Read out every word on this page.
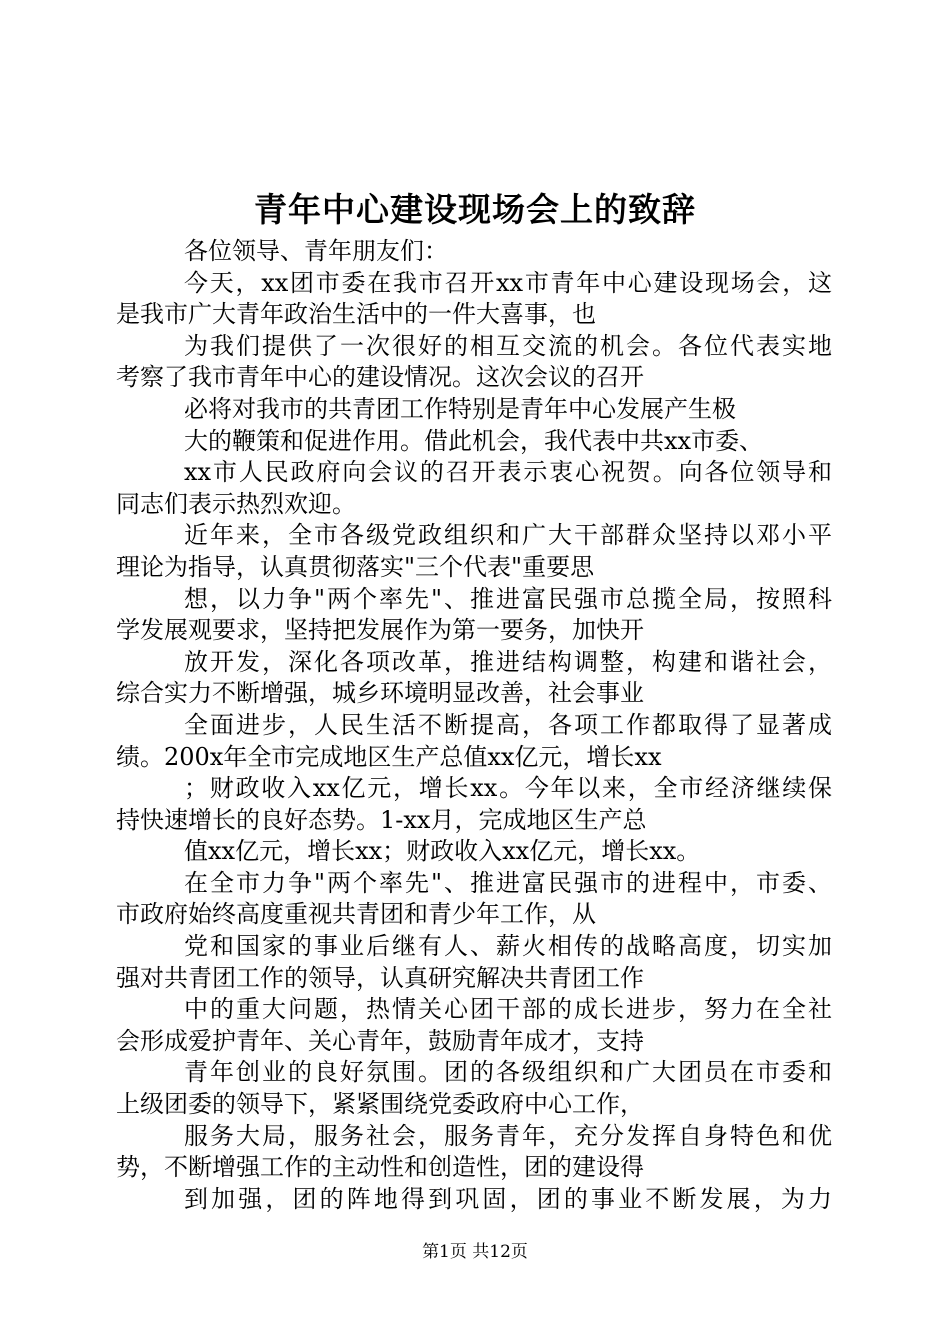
青年中心建设现场会上的致辞
各位领导、青年朋友们：
今天，xx团市委在我市召开xx市青年中心建设现场会，这
是我市广大青年政治生活中的一件大喜事，也
为我们提供了一次很好的相互交流的机会。各位代表实地
考察了我市青年中心的建设情况。这次会议的召开
必将对我市的共青团工作特别是青年中心发展产生极
大的鞭策和促进作用。借此机会，我代表中共xx市委、
xx市人民政府向会议的召开表示衷心祝贺。向各位领导和
同志们表示热烈欢迎。
近年来，全市各级党政组织和广大干部群众坚持以邓小平
理论为指导，认真贯彻落实"三个代表"重要思
想，以力争"两个率先"、推进富民强市总揽全局，按照科
学发展观要求，坚持把发展作为第一要务，加快开
放开发，深化各项改革，推进结构调整，构建和谐社会，
综合实力不断增强，城乡环境明显改善，社会事业
全面进步，人民生活不断提高，各项工作都取得了显著成
绩。200x年全市完成地区生产总值xx亿元，增长xx
；财政收入xx亿元，增长xx。今年以来，全市经济继续保
持快速增长的良好态势。1-xx月，完成地区生产总
值xx亿元，增长xx；财政收入xx亿元，增长xx。
在全市力争"两个率先"、推进富民强市的进程中，市委、
市政府始终高度重视共青团和青少年工作，从
党和国家的事业后继有人、薪火相传的战略高度，切实加
强对共青团工作的领导，认真研究解决共青团工作
中的重大问题，热情关心团干部的成长进步，努力在全社
会形成爱护青年、关心青年，鼓励青年成才，支持
青年创业的良好氛围。团的各级组织和广大团员在市委和
上级团委的领导下，紧紧围绕党委政府中心工作，
服务大局，服务社会，服务青年，充分发挥自身特色和优
势，不断增强工作的主动性和创造性，团的建设得
到加强，团的阵地得到巩固，团的事业不断发展，为力
第1页 共12页
